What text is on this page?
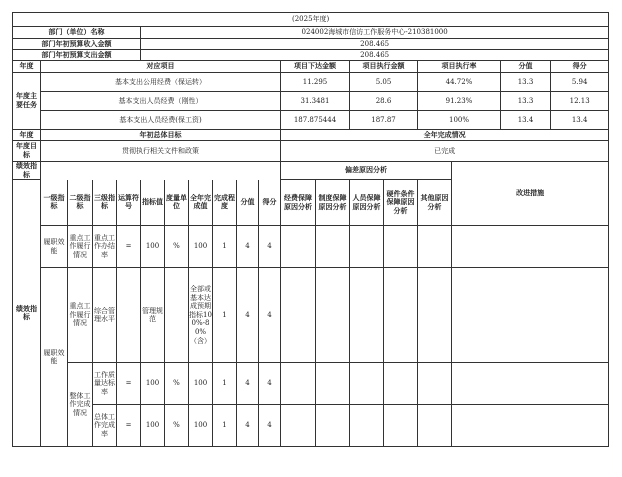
(2025年度)																		
部门（单位）名称					024002海城市信访工作服务中心-210381000													
部门年初预算收入金额					208.465													
部门年初预算支出金额					208.465													
年度	对应项目										项目下达金额		项目执行金额		项目执行率		分值	得分
年度主要任务	基本支出公用经费（保运转）										11.295		5.05		44.72%		13.3	5.94
	基本支出人员经费（刚性）										31.3481		28.6		91.23%		13.3	12.13
	基本支出人员经费(保工资)										187.875444		187.87		100%		13.4	13.4
年度	年初总体目标										全年完成情况							
年度目标	贯彻执行相关文件和政策										已完成							
绩效指标											偏差原因分析					改进措施		
绩效指标	一级指标	二级指标	三级指标	运算符号	指标值	度量单位	全年完成值	完成程度	分值	得分	经费保障原因分析	制度保障原因分析	人员保障原因分析	硬件条件保障原因分析	其他原因分析			
	履职效能	重点工作履行情况	重点工作办结率	=	100	%	100	1	4	4								
	履职效能	重点工作履行情况	综合管理水平		管理规范		全部或基本达成预期指标100%-80%（含）	1	4	4								
		整体工作完成情况	工作质量达标率	=	100	%	100	1	4	4								
			总体工作完成率	=	100	%	100	1	4	4								
